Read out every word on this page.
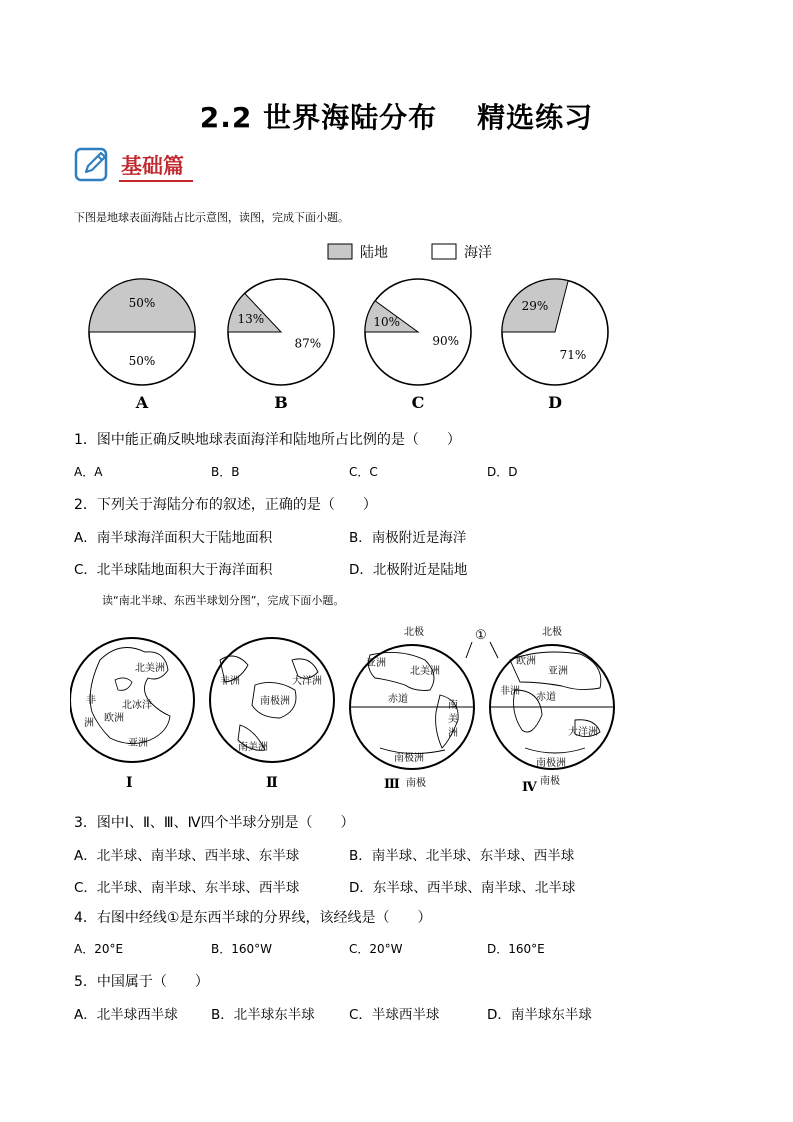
2.2 世界海陆分布 精选练习
基础篇
下图是地球表面海陆占比示意图，读图，完成下面小题。
陆地	海洋
50%
50%
A
13%
87%
B
10%
90%
C
29%
71%
D
1．图中能正确反映地球表面海洋和陆地所占比例的是（　　）
A．A	B．B	C．C	D．D
2．下列关于海陆分布的叙述，正确的是（　　）
A．南半球海洋面积大于陆地面积	B．南极附近是海洋
C．北半球陆地面积大于海洋面积	D．北极附近是陆地
读“南北半球、东西半球划分图”，完成下面小题。
北美洲
北冰洋
非
洲 欧洲
亚洲
Ⅰ
非洲	大洋洲
南极洲
南美洲
Ⅱ
北极
南极
亚洲
北美洲
赤道
南
美
洲
南极洲
Ⅲ
北极
南极
欧洲
亚洲
非洲
赤道
大洋洲
南极洲
Ⅳ
①
3．图中Ⅰ、Ⅱ、Ⅲ、Ⅳ四个半球分别是（　　）
A．北半球、南半球、西半球、东半球	B．南半球、北半球、东半球、西半球
C．北半球、南半球、东半球、西半球	D．东半球、西半球、南半球、北半球
4．右图中经线①是东西半球的分界线，该经线是（　　）
A．20°E	B．160°W	C．20°W	D．160°E
5．中国属于（　　）
A．北半球西半球 B．北半球东半球	C．半球西半球	D．南半球东半球
